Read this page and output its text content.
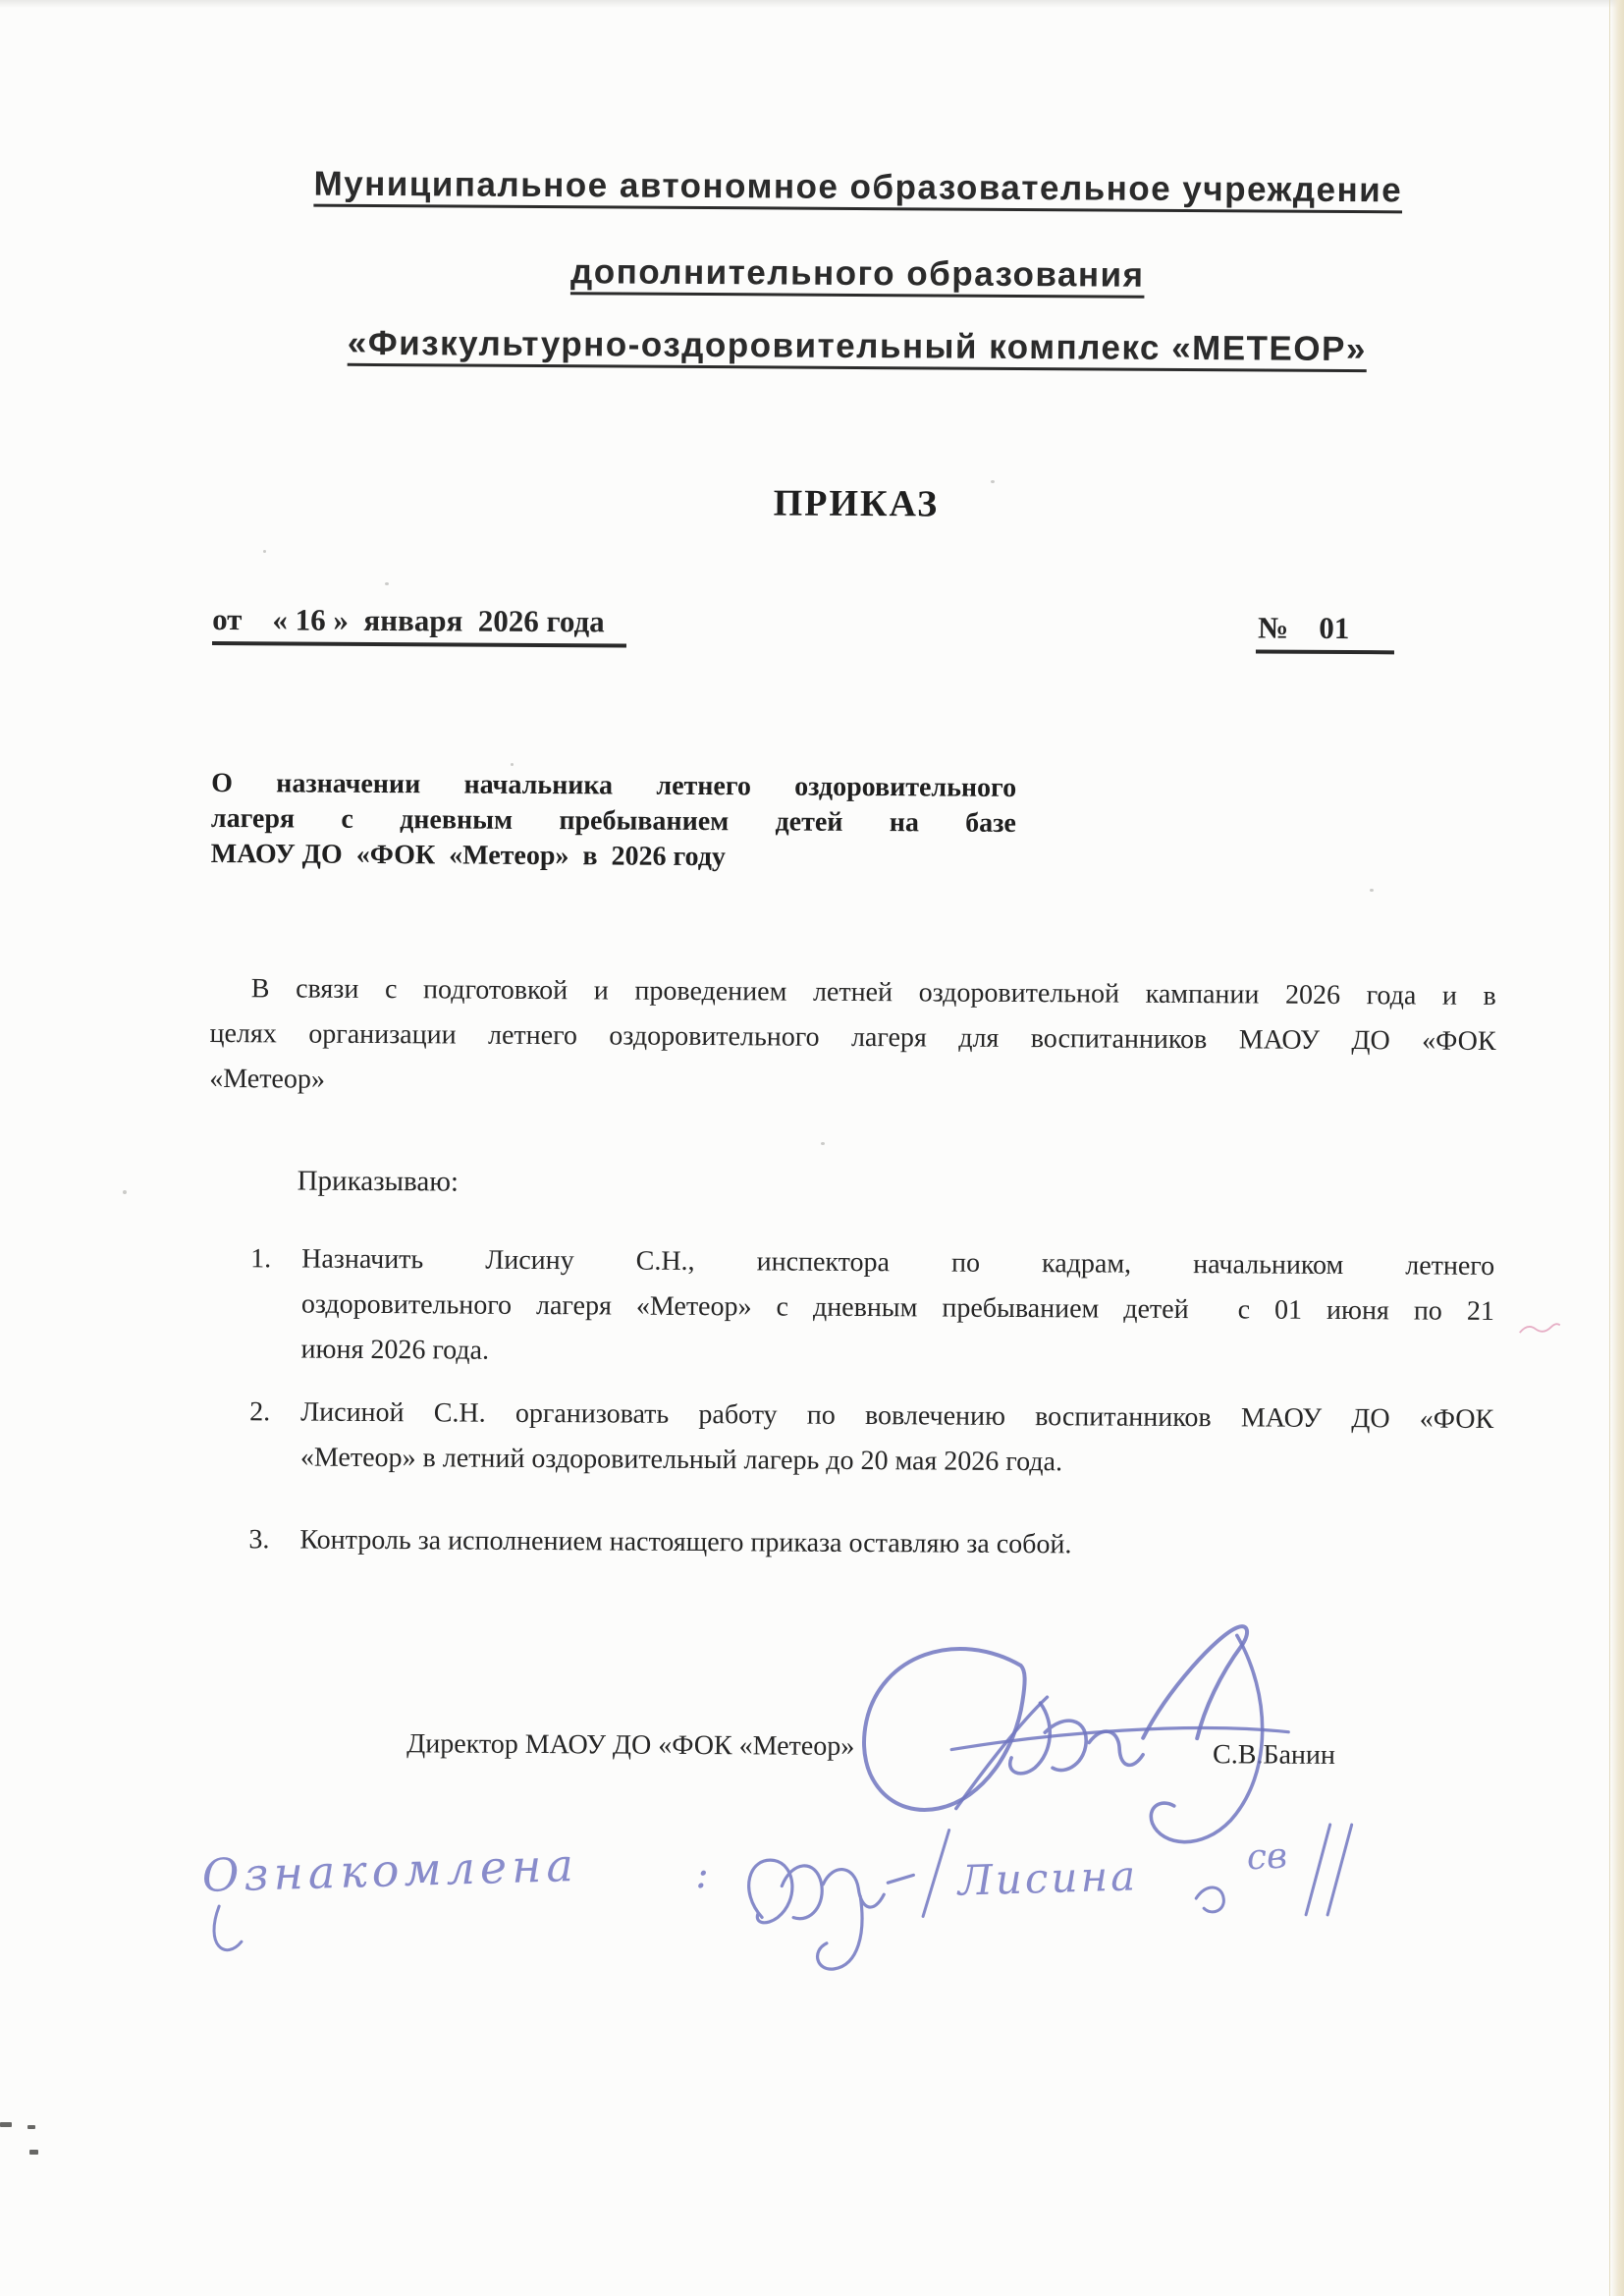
Муниципальное автономное образовательное учреждение
дополнительного образования
«Физкультурно-оздоровительный комплекс «МЕТЕОР»
ПРИКАЗ
от    « 16 »  января  2026 года	№    01
О назначении начальника летнего оздоровительного
лагеря с дневным пребыванием детей на базе
МАОУ ДО  «ФОК  «Метеор»  в  2026 году
В связи с подготовкой и проведением летней оздоровительной кампании 2026 года и в
целях организации летнего оздоровительного лагеря для воспитанников МАОУ ДО «ФОК
«Метеор»
Приказываю:
1. Назначить Лисину С.Н., инспектора по кадрам, начальником летнего
оздоровительного лагеря «Метеор» с дневным пребыванием детей  с 01 июня по 21
июня 2026 года.
2. Лисиной С.Н. организовать работу по вовлечению воспитанников МАОУ ДО «ФОК
«Метеор» в летний оздоровительный лагерь до 20 мая 2026 года.
3. Контроль за исполнением настоящего приказа оставляю за собой.
Директор МАОУ ДО «ФОК «Метеор»	С.В.Банин
Ознакомлена	:	Лисина	св
